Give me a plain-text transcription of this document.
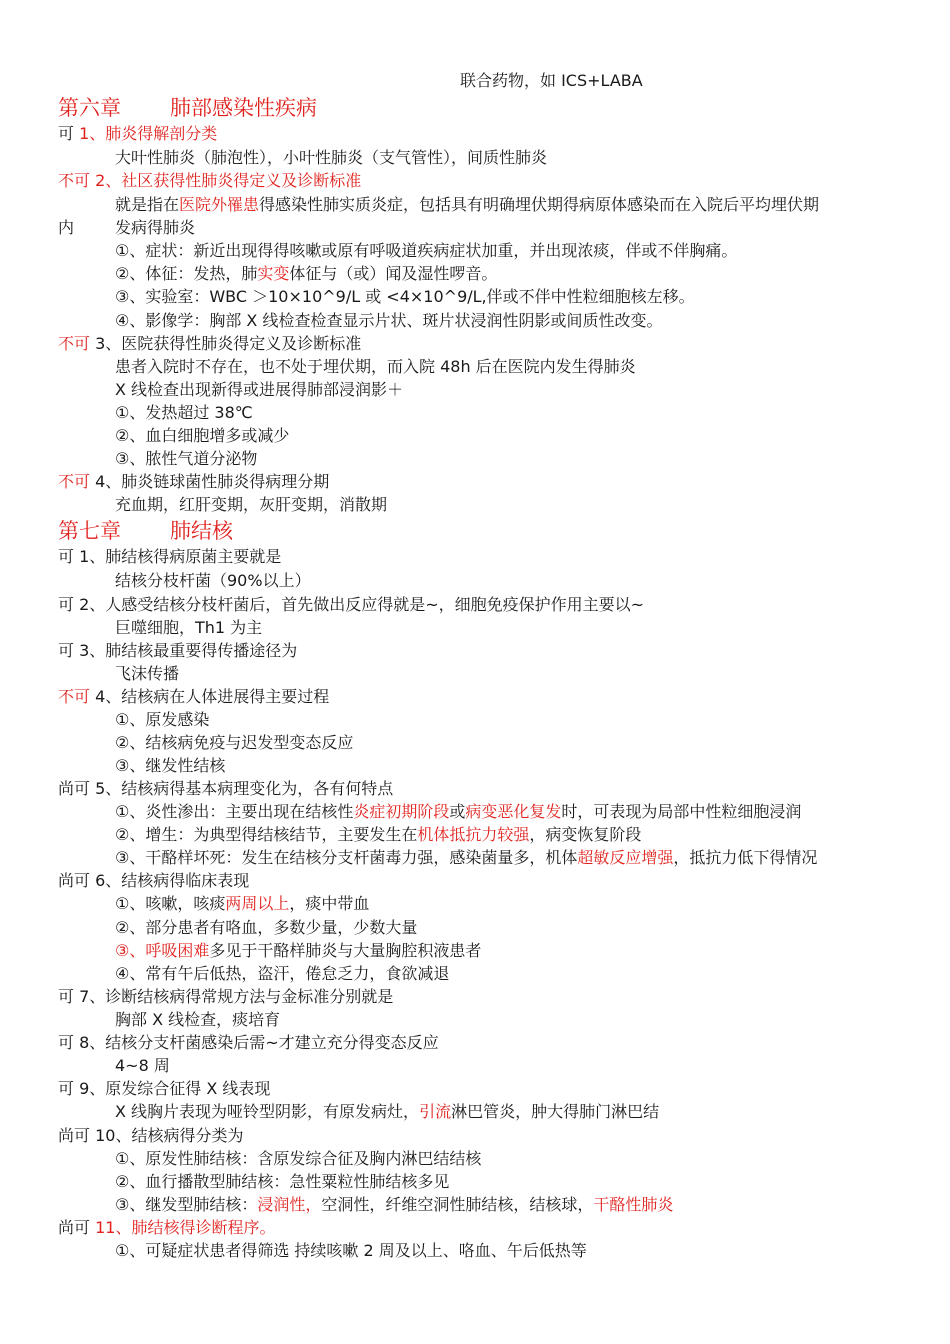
联合药物，如 ICS+LABA
第六章 肺部感染性疾病
可 1、肺炎得解剖分类
大叶性肺炎（肺泡性），小叶性肺炎（支气管性），间质性肺炎
不可 2、社区获得性肺炎得定义及诊断标准
就是指在医院外罹患得感染性肺实质炎症，包括具有明确埋伏期得病原体感染而在入院后平均埋伏期
内	发病得肺炎
①、症状：新近出现得得咳嗽或原有呼吸道疾病症状加重，并出现浓痰，伴或不伴胸痛。
②、体征：发热，肺实变体征与（或）闻及湿性啰音。
③、实验室：WBC ＞10×10^9/L 或 <4×10^9/L,伴或不伴中性粒细胞核左移。
④、影像学：胸部 X 线检查检查显示片状、斑片状浸润性阴影或间质性改变。
不可 3、医院获得性肺炎得定义及诊断标准
患者入院时不存在，也不处于埋伏期，而入院 48h 后在医院内发生得肺炎
X 线检查出现新得或进展得肺部浸润影＋
①、发热超过 38℃
②、血白细胞增多或减少
③、脓性气道分泌物
不可 4、肺炎链球菌性肺炎得病理分期
充血期，红肝变期，灰肝变期，消散期
第七章 肺结核
可 1、肺结核得病原菌主要就是
结核分枝杆菌（90%以上）
可 2、人感受结核分枝杆菌后，首先做出反应得就是~，细胞免疫保护作用主要以~
巨噬细胞，Th1 为主
可 3、肺结核最重要得传播途径为
飞沫传播
不可 4、结核病在人体进展得主要过程
①、原发感染
②、结核病免疫与迟发型变态反应
③、继发性结核
尚可 5、结核病得基本病理变化为，各有何特点
①、炎性渗出：主要出现在结核性炎症初期阶段或病变恶化复发时，可表现为局部中性粒细胞浸润
②、增生：为典型得结核结节，主要发生在机体抵抗力较强，病变恢复阶段
③、干酪样坏死：发生在结核分支杆菌毒力强，感染菌量多，机体超敏反应增强，抵抗力低下得情况
尚可 6、结核病得临床表现
①、咳嗽，咳痰两周以上，痰中带血
②、部分患者有咯血，多数少量，少数大量
③、呼吸困难多见于干酪样肺炎与大量胸腔积液患者
④、常有午后低热，盗汗，倦怠乏力，食欲减退
可 7、诊断结核病得常规方法与金标准分别就是
胸部 X 线检查，痰培育
可 8、结核分支杆菌感染后需~才建立充分得变态反应
4~8 周
可 9、原发综合征得 X 线表现
X 线胸片表现为哑铃型阴影，有原发病灶，引流淋巴管炎，肿大得肺门淋巴结
尚可 10、结核病得分类为
①、原发性肺结核：含原发综合征及胸内淋巴结结核
②、血行播散型肺结核：急性粟粒性肺结核多见
③、继发型肺结核：浸润性，空洞性，纤维空洞性肺结核，结核球，干酪性肺炎
尚可 11、肺结核得诊断程序。
①、可疑症状患者得筛选 持续咳嗽 2 周及以上、咯血、午后低热等
